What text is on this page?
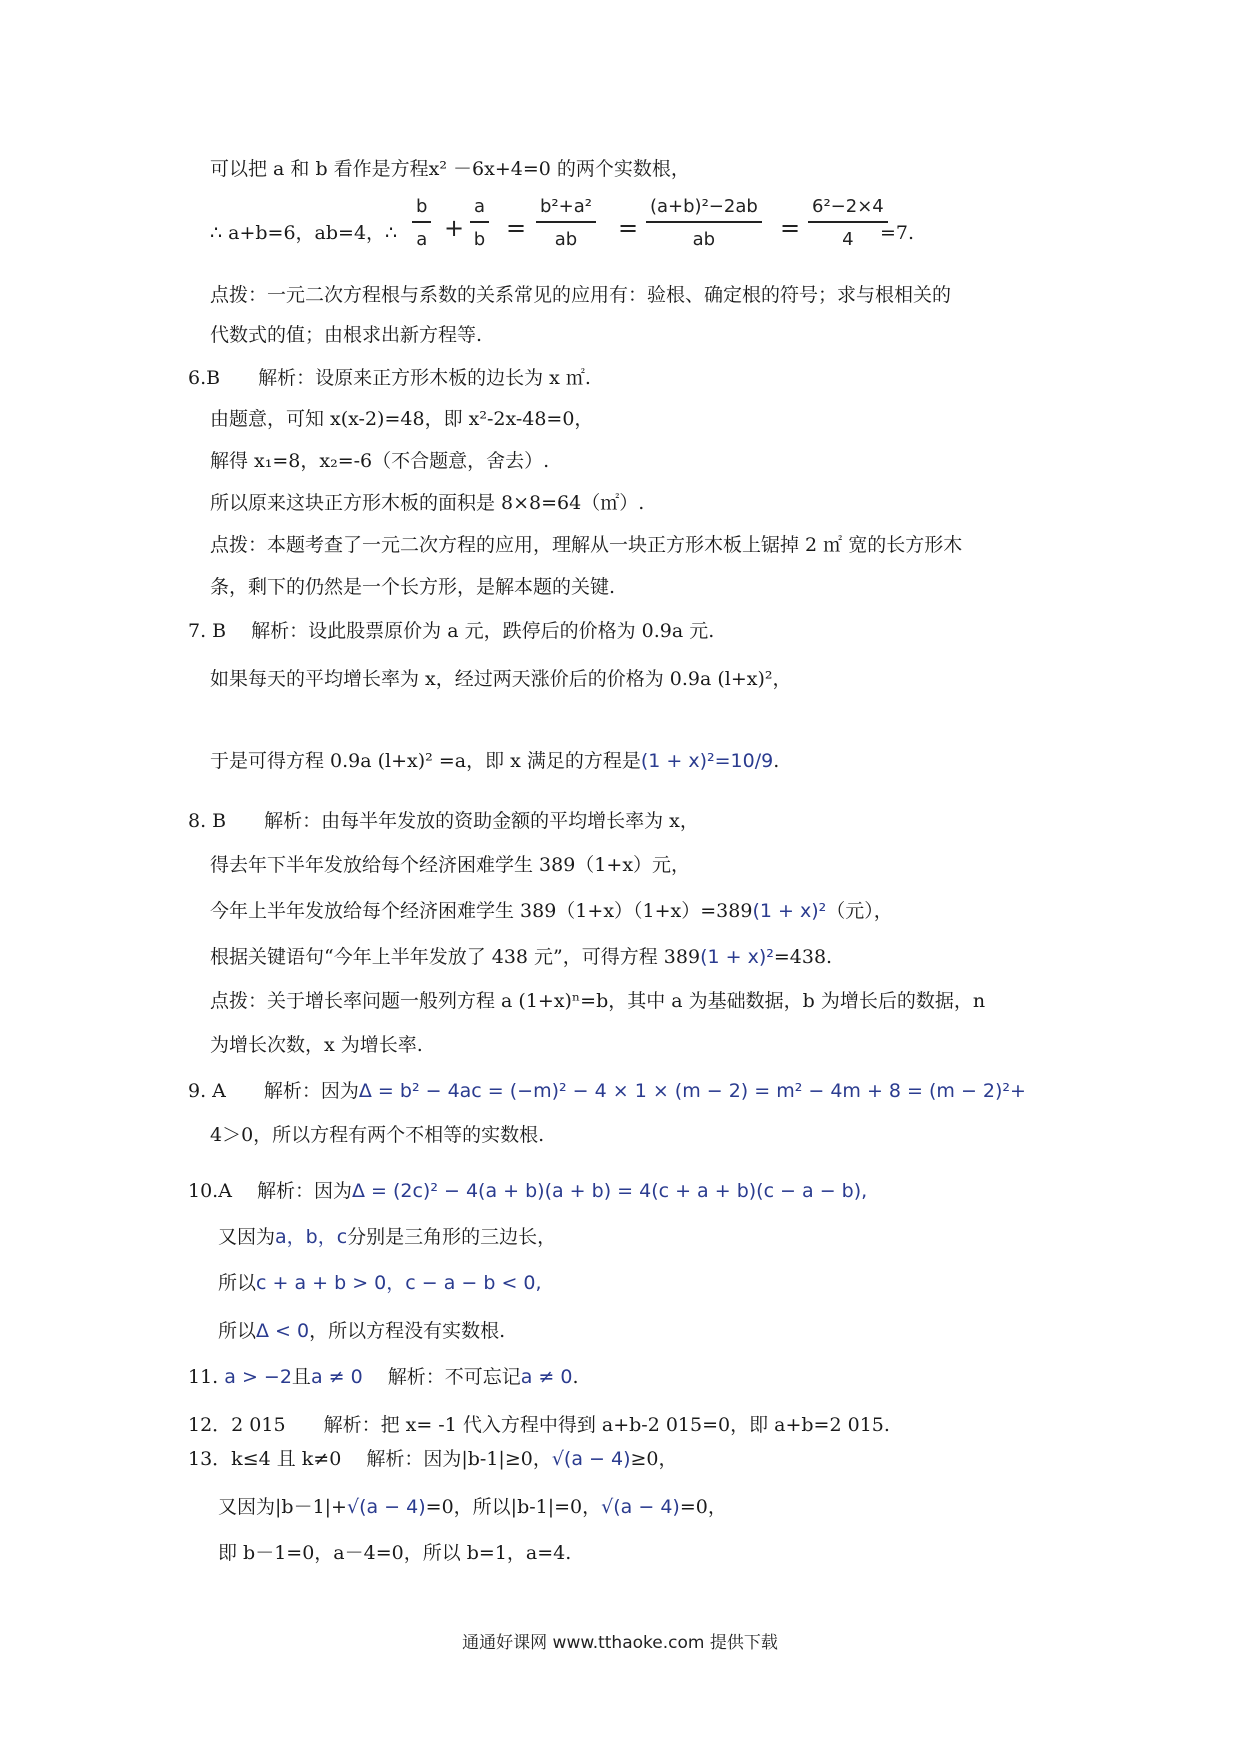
可以把 a 和 b 看作是方程x² －6x+4=0 的两个实数根，
∴ a+b=6，ab=4，∴ $\frac{b}{a} + \frac{a}{b} = \frac{\text{b²+a²}}{ab} = \frac{\text{(a+b)²−2ab}}{ab} = \frac{\text{6²−2×4}}{4}$
=7.
点拨：一元二次方程根与系数的关系常见的应用有：验根、确定根的符号；求与根相关的
代数式的值；由根求出新方程等.
6.B　　解析：设原来正方形木板的边长为 x ㎡.
由题意，可知 x(x-2)=48，即 x²-2x-48=0，
解得 x₁=8，x₂=-6（不合题意，舍去）.
所以原来这块正方形木板的面积是 8×8=64（㎡）.
点拨：本题考查了一元二次方程的应用，理解从一块正方形木板上锯掉 2 ㎡ 宽的长方形木
条，剩下的仍然是一个长方形，是解本题的关键.
7. B　 解析：设此股票原价为 a 元，跌停后的价格为 0.9a 元.
如果每天的平均增长率为 x，经过两天涨价后的价格为 0.9a (l+x)²，
于是可得方程 0.9a (l+x)² =a，即 x 满足的方程是(1 + x)²=10/9.
8. B　　解析：由每半年发放的资助金额的平均增长率为 x，
得去年下半年发放给每个经济困难学生 389（1+x）元，
今年上半年发放给每个经济困难学生 389（1+x）（1+x）=389(1 + x)²（元），
根据关键语句“今年上半年发放了 438 元”，可得方程 389(1 + x)²=438.
点拨：关于增长率问题一般列方程 a (1+x)ⁿ=b，其中 a 为基础数据，b 为增长后的数据，n
为增长次数，x 为增长率.
9. A　　解析：因为Δ = b² − 4ac = (−m)² − 4 × 1 × (m − 2) = m² − 4m + 8 = (m − 2)²+
4＞0，所以方程有两个不相等的实数根.
10.A　 解析：因为Δ = (2c)² − 4(a + b)(a + b) = 4(c + a + b)(c − a − b),
又因为a，b，c分别是三角形的三边长，
所以c + a + b > 0，c − a − b < 0,
所以Δ < 0，所以方程没有实数根.
11. a > −2且a ≠ 0　 解析：不可忘记a ≠ 0.
12．2 015　　解析：把 x= -1 代入方程中得到 a+b-2 015=0，即 a+b=2 015.
13．k≤4 且 k≠0　 解析：因为|b-1|≥0，√(a − 4)≥0，
又因为|b－1|+√(a − 4)=0，所以|b-1|=0，√(a − 4)=0，
即 b－1=0，a－4=0，所以 b=1，a=4.
通通好课网 www.tthaoke.com 提供下载
